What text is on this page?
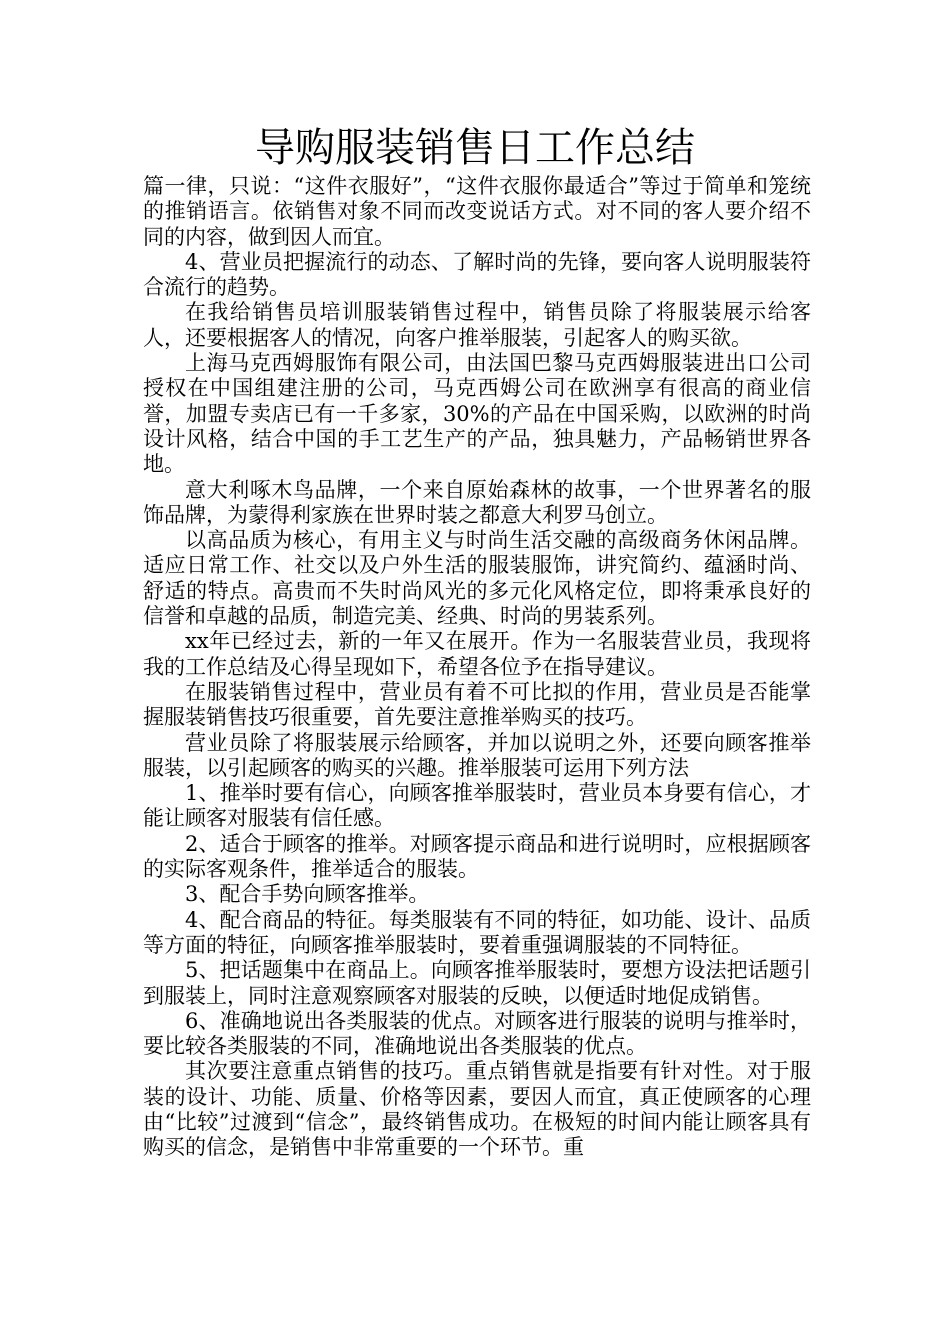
导购服装销售日工作总结

篇一律，只说：“这件衣服好”，“这件衣服你最适合”等过于简单和笼统的推销语言。依销售对象不同而改变说话方式。对不同的客人要介绍不同的内容，做到因人而宜。

4、营业员把握流行的动态、了解时尚的先锋，要向客人说明服装符合流行的趋势。

在我给销售员培训服装销售过程中，销售员除了将服装展示给客人，还要根据客人的情况，向客户推举服装，引起客人的购买欲。

上海马克西姆服饰有限公司，由法国巴黎马克西姆服装进出口公司授权在中国组建注册的公司，马克西姆公司在欧洲享有很高的商业信誉，加盟专卖店已有一千多家，30%的产品在中国采购，以欧洲的时尚设计风格，结合中国的手工艺生产的产品，独具魅力，产品畅销世界各地。

意大利啄木鸟品牌，一个来自原始森林的故事，一个世界著名的服饰品牌，为蒙得利家族在世界时装之都意大利罗马创立。

以高品质为核心，有用主义与时尚生活交融的高级商务休闲品牌。适应日常工作、社交以及户外生活的服装服饰，讲究简约、蕴涵时尚、舒适的特点。高贵而不失时尚风光的多元化风格定位，即将秉承良好的信誉和卓越的品质，制造完美、经典、时尚的男装系列。

xx年已经过去，新的一年又在展开。作为一名服装营业员，我现将我的工作总结及心得呈现如下，希望各位予在指导建议。

在服装销售过程中，营业员有着不可比拟的作用，营业员是否能掌握服装销售技巧很重要，首先要注意推举购买的技巧。

营业员除了将服装展示给顾客，并加以说明之外，还要向顾客推举服装，以引起顾客的购买的兴趣。推举服装可运用下列方法

1、推举时要有信心，向顾客推举服装时，营业员本身要有信心，才能让顾客对服装有信任感。

2、适合于顾客的推举。对顾客提示商品和进行说明时，应根据顾客的实际客观条件，推举适合的服装。

3、配合手势向顾客推举。

4、配合商品的特征。每类服装有不同的特征，如功能、设计、品质等方面的特征，向顾客推举服装时，要着重强调服装的不同特征。

5、把话题集中在商品上。向顾客推举服装时，要想方设法把话题引到服装上，同时注意观察顾客对服装的反映，以便适时地促成销售。

6、准确地说出各类服装的优点。对顾客进行服装的说明与推举时，要比较各类服装的不同，准确地说出各类服装的优点。

其次要注意重点销售的技巧。重点销售就是指要有针对性。对于服装的设计、功能、质量、价格等因素，要因人而宜，真正使顾客的心理由“比较”过渡到“信念”，最终销售成功。在极短的时间内能让顾客具有购买的信念，是销售中非常重要的一个环节。重
